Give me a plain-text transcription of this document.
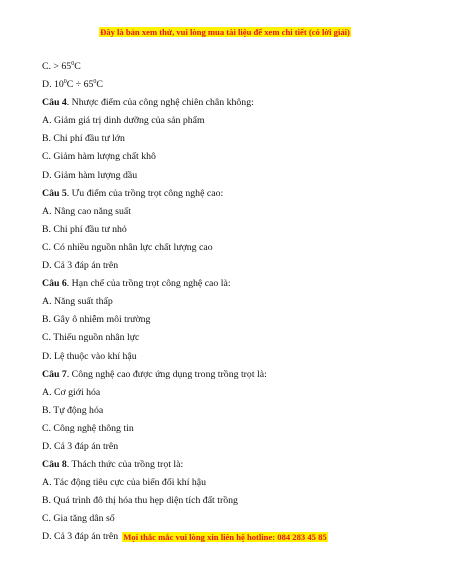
Đây là bản xem thử, vui lòng mua tài liệu để xem chi tiết (có lời giải)
C. > $65^0C$
D. $10^0C \div 65^0C$
Câu 4. Nhược điểm của công nghệ chiên chân không:
A. Giảm giá trị dinh dưỡng của sản phẩm
B. Chi phí đầu tư lớn
C. Giảm hàm lượng chất khô
D. Giảm hàm lượng dầu
Câu 5. Ưu điểm của trồng trọt công nghệ cao:
A. Nâng cao năng suất
B. Chi phí đầu tư nhỏ
C. Có nhiều nguồn nhân lực chất lượng cao
D. Cả 3 đáp án trên
Câu 6. Hạn chế của trồng trọt công nghệ cao là:
A. Năng suất thấp
B. Gây ô nhiễm môi trường
C. Thiếu nguồn nhân lực
D. Lệ thuộc vào khí hậu
Câu 7. Công nghệ cao được ứng dụng trong trồng trọt là:
A. Cơ giới hóa
B. Tự động hóa
C. Công nghệ thông tin
D. Cả 3 đáp án trên
Câu 8. Thách thức của trồng trọt là:
A. Tác động tiêu cực của biến đổi khí hậu
B. Quá trình đô thị hóa thu hẹp diện tích đất trồng
C. Gia tăng dân số
D. Cả 3 đáp án trên Mọi thắc mắc vui lòng xin liên hệ hotline: 084 283 45 85
